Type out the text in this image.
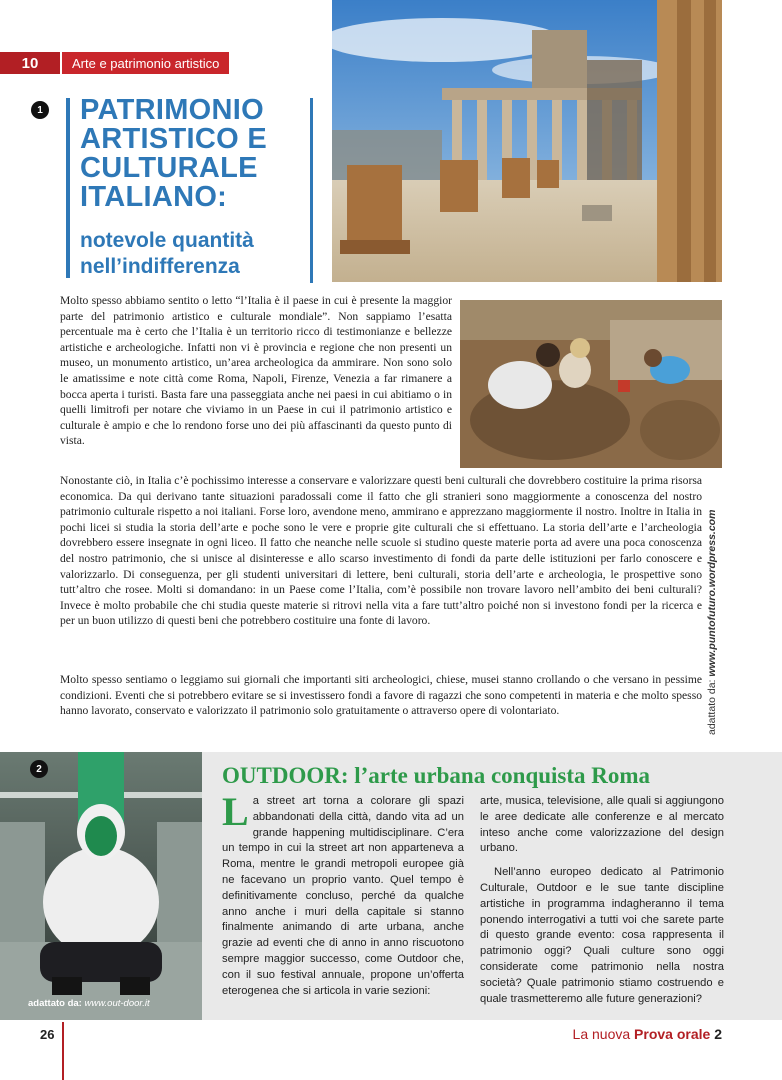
10	Arte e patrimonio artistico
1 PATRIMONIO ARTISTICO E CULTURALE ITALIANO:
notevole quantità nell’indifferenza
Molto spesso abbiamo sentito o letto “l’Italia è il paese in cui è presente la maggior parte del patrimonio artistico e culturale mondiale”. Non sappiamo l’esatta percentuale ma è certo che l’Italia è un territorio ricco di testimonianze e bellezze artistiche e archeologiche. Infatti non vi è provincia e regione che non presenti un museo, un monumento artistico, un’area archeologica da ammirare. Non sono solo le amatissime e note città come Roma, Napoli, Firenze, Venezia a far rimanere a bocca aperta i turisti. Basta fare una passeggiata anche nei paesi in cui abitiamo o in quelli limitrofi per notare che viviamo in un Paese in cui il patrimonio artistico e culturale è ampio e che lo rendono forse uno dei più affascinanti da questo punto di vista.
Nonostante ciò, in Italia c’è pochissimo interesse a conservare e valorizzare questi beni culturali che dovrebbero costituire la prima risorsa economica. Da qui derivano tante situazioni paradossali come il fatto che gli stranieri sono maggiormente a conoscenza del nostro patrimonio culturale rispetto a noi italiani. Forse loro, avendone meno, ammirano e apprezzano maggiormente il nostro. Inoltre in Italia in pochi licei si studia la storia dell’arte e poche sono le vere e proprie gite culturali che si effettuano. La storia dell’arte e l’archeologia dovrebbero essere insegnate in ogni liceo. Il fatto che neanche nelle scuole si studino queste materie porta ad avere una poca conoscenza del nostro patrimonio, che si unisce al disinteresse e allo scarso investimento di fondi da parte delle istituzioni per farlo conoscere e valorizzarlo. Di conseguenza, per gli studenti universitari di lettere, beni culturali, storia dell’arte e archeologia, le prospettive sono tutt’altro che rosee. Molti si domandano: in un Paese come l’Italia, com’è possibile non trovare lavoro nell’ambito dei beni culturali? Invece è molto probabile che chi studia queste materie si ritrovi nella vita a fare tutt’altro poiché non si investono fondi per la ricerca e per un buon utilizzo di questi beni che potrebbero costituire una fonte di lavoro.
Molto spesso sentiamo o leggiamo sui giornali che importanti siti archeologici, chiese, musei stanno crollando o che versano in pessime condizioni. Eventi che si potrebbero evitare se si investissero fondi a favore di ragazzi che sono competenti in materia e che molto spesso hanno lavorato, conservato e valorizzato il patrimonio solo gratuitamente o attraverso opere di volontariato.	adattato da: www.puntofuturo.wordpress.com
2
adattato da: www.out-door.it
OUTDOOR: l’arte urbana conquista Roma
La street art torna a colorare gli spazi abbandonati della città, dando vita ad un grande happening multidisciplinare. C’era un tempo in cui la street art non apparteneva a Roma, mentre le grandi metropoli europee già ne facevano un proprio vanto. Quel tempo è definitivamente concluso, perché da qualche anno anche i muri della capitale si stanno finalmente animando di arte urbana, anche grazie ad eventi che di anno in anno riscuotono sempre maggior successo, come Outdoor che, con il suo festival annuale, propone un’offerta eterogenea che si articola in varie sezioni:

arte, musica, televisione, alle quali si aggiungono le aree dedicate alle conferenze e al mercato inteso anche come valorizzazione del design urbano.

Nell’anno europeo dedicato al Patrimonio Culturale, Outdoor e le sue tante discipline artistiche in programma indagheranno il tema ponendo interrogativi a tutti voi che sarete parte di questo grande evento: cosa rappresenta il patrimonio oggi? Quali culture sono oggi considerate come patrimonio nella nostra società? Quale patrimonio stiamo costruendo e quale trasmetteremo alle future generazioni?

26	La nuova Prova orale 2
